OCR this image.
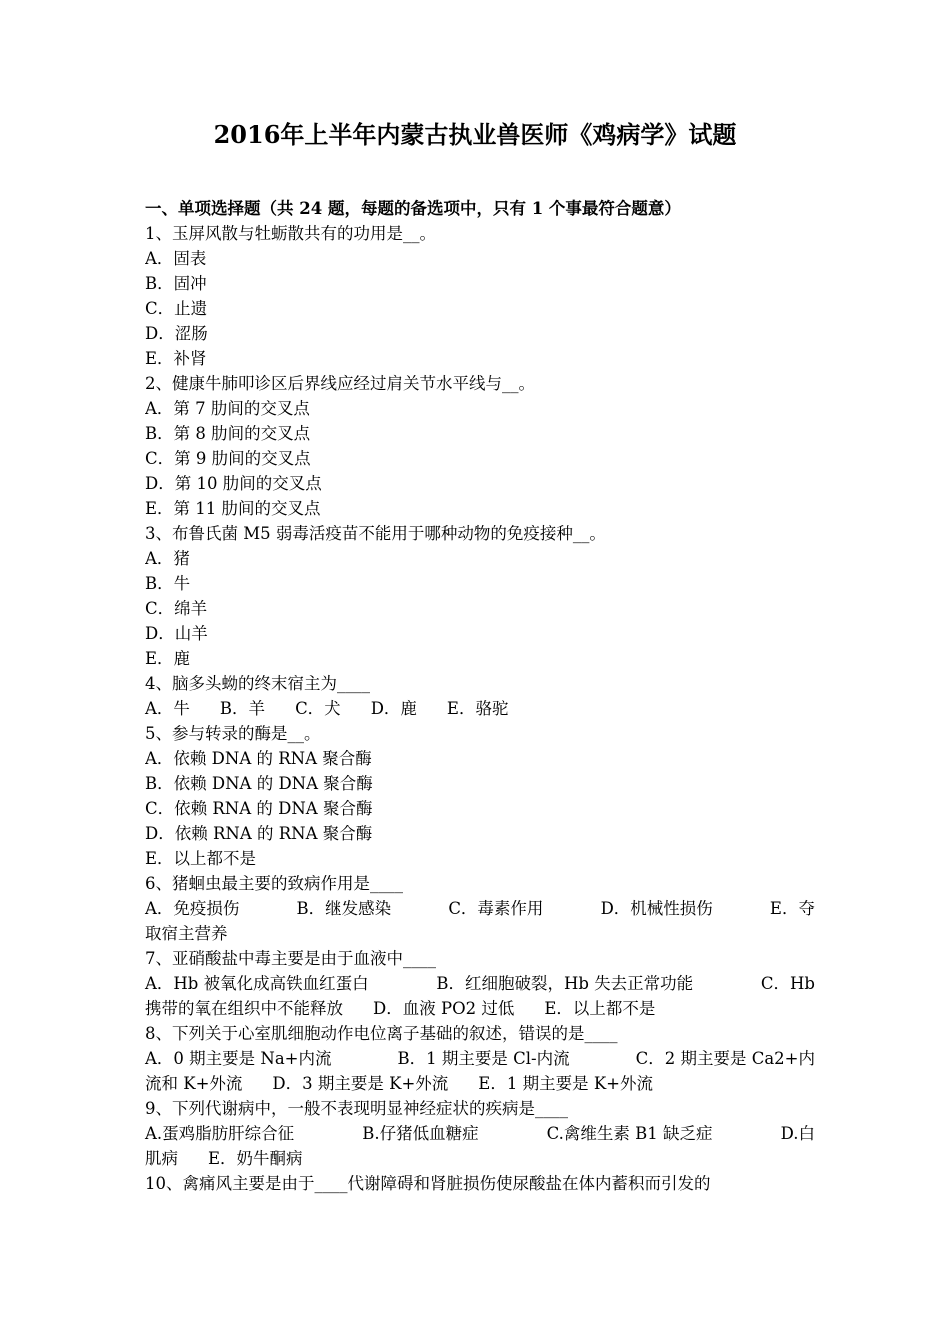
2016年上半年内蒙古执业兽医师《鸡病学》试题
一、单项选择题（共 24 题，每题的备选项中，只有 1 个事最符合题意）
1、玉屏风散与牡蛎散共有的功用是__。
A．固表
B．固冲
C．止遗
D．涩肠
E．补肾
2、健康牛肺叩诊区后界线应经过肩关节水平线与__。
A．第 7 肋间的交叉点
B．第 8 肋间的交叉点
C．第 9 肋间的交叉点
D．第 10 肋间的交叉点
E．第 11 肋间的交叉点
3、布鲁氏菌 M5 弱毒活疫苗不能用于哪种动物的免疫接种__。
A．猪
B．牛
C．绵羊
D．山羊
E．鹿
4、脑多头蚴的终末宿主为____
A．牛 B．羊 C．犬 D．鹿 E．骆驼
5、参与转录的酶是__。
A．依赖 DNA 的 RNA 聚合酶
B．依赖 DNA 的 DNA 聚合酶
C．依赖 RNA 的 DNA 聚合酶
D．依赖 RNA 的 RNA 聚合酶
E．以上都不是
6、猪蛔虫最主要的致病作用是____
A．免疫损伤	B．继发感染	C．毒素作用	D．机械性损伤	E．夺
取宿主营养
7、亚硝酸盐中毒主要是由于血液中____
A．Hb 被氧化成高铁血红蛋白	B．红细胞破裂，Hb 失去正常功能	C．Hb
携带的氧在组织中不能释放 D．血液 PO2 过低 E．以上都不是
8、下列关于心室肌细胞动作电位离子基础的叙述，错误的是____
A．0 期主要是 Na+内流	B．1 期主要是 Cl-内流	C．2 期主要是 Ca2+内
流和 K+外流 D．3 期主要是 K+外流 E．1 期主要是 K+外流
9、下列代谢病中，一般不表现明显神经症状的疾病是____
A.蛋鸡脂肪肝综合征	B.仔猪低血糖症	C.禽维生素 B1 缺乏症	D.白
肌病 E．奶牛酮病
10、禽痛风主要是由于____代谢障碍和肾脏损伤使尿酸盐在体内蓄积而引发的
